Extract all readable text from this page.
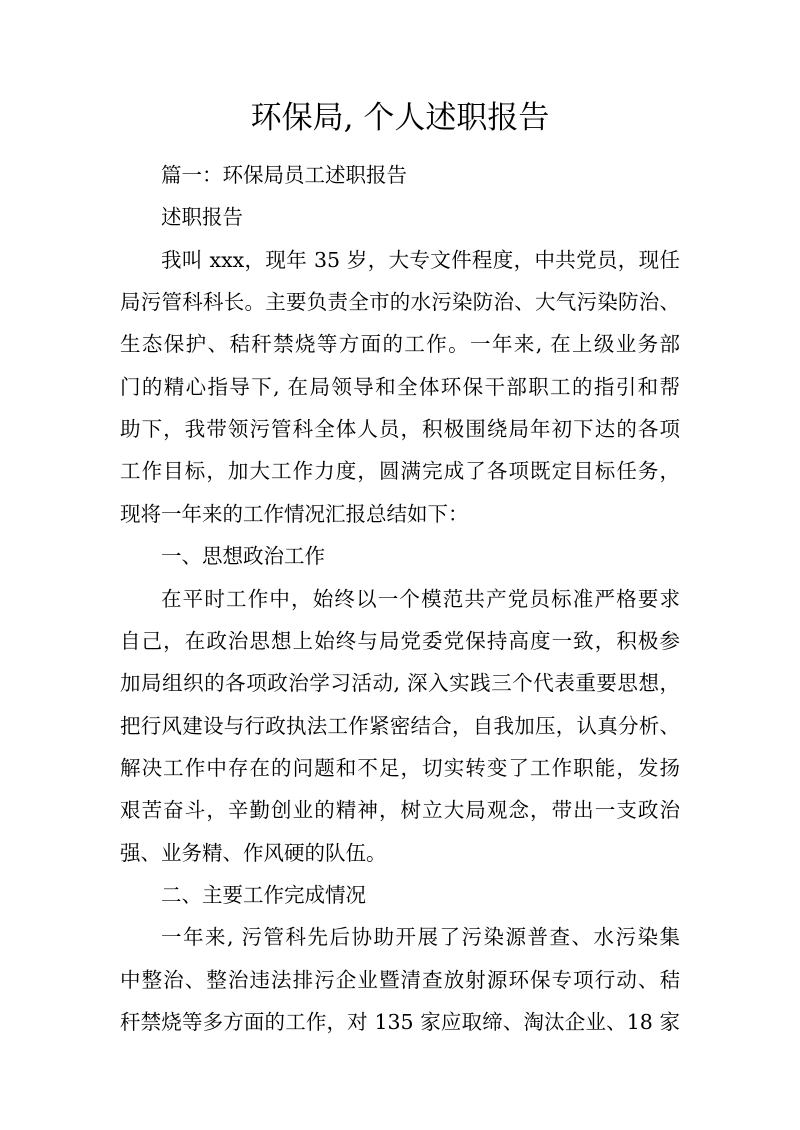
环保局, 个人述职报告
篇一：环保局员工述职报告
述职报告
我叫 xxx，现年 35 岁，大专文件程度，中共党员，现任
局污管科科长。主要负责全市的水污染防治、大气污染防治、
生态保护、秸秆禁烧等方面的工作。一年来, 在上级业务部
门的精心指导下, 在局领导和全体环保干部职工的指引和帮
助下，我带领污管科全体人员，积极围绕局年初下达的各项
工作目标，加大工作力度，圆满完成了各项既定目标任务，
现将一年来的工作情况汇报总结如下：
一、思想政治工作
在平时工作中，始终以一个模范共产党员标准严格要求
自己，在政治思想上始终与局党委党保持高度一致，积极参
加局组织的各项政治学习活动, 深入实践三个代表重要思想，
把行风建设与行政执法工作紧密结合，自我加压，认真分析、
解决工作中存在的问题和不足，切实转变了工作职能，发扬
艰苦奋斗，辛勤创业的精神，树立大局观念，带出一支政治
强、业务精、作风硬的队伍。
二、主要工作完成情况
一年来, 污管科先后协助开展了污染源普查、水污染集
中整治、整治违法排污企业暨清查放射源环保专项行动、秸
秆禁烧等多方面的工作，对 135 家应取缔、淘汰企业、18 家
